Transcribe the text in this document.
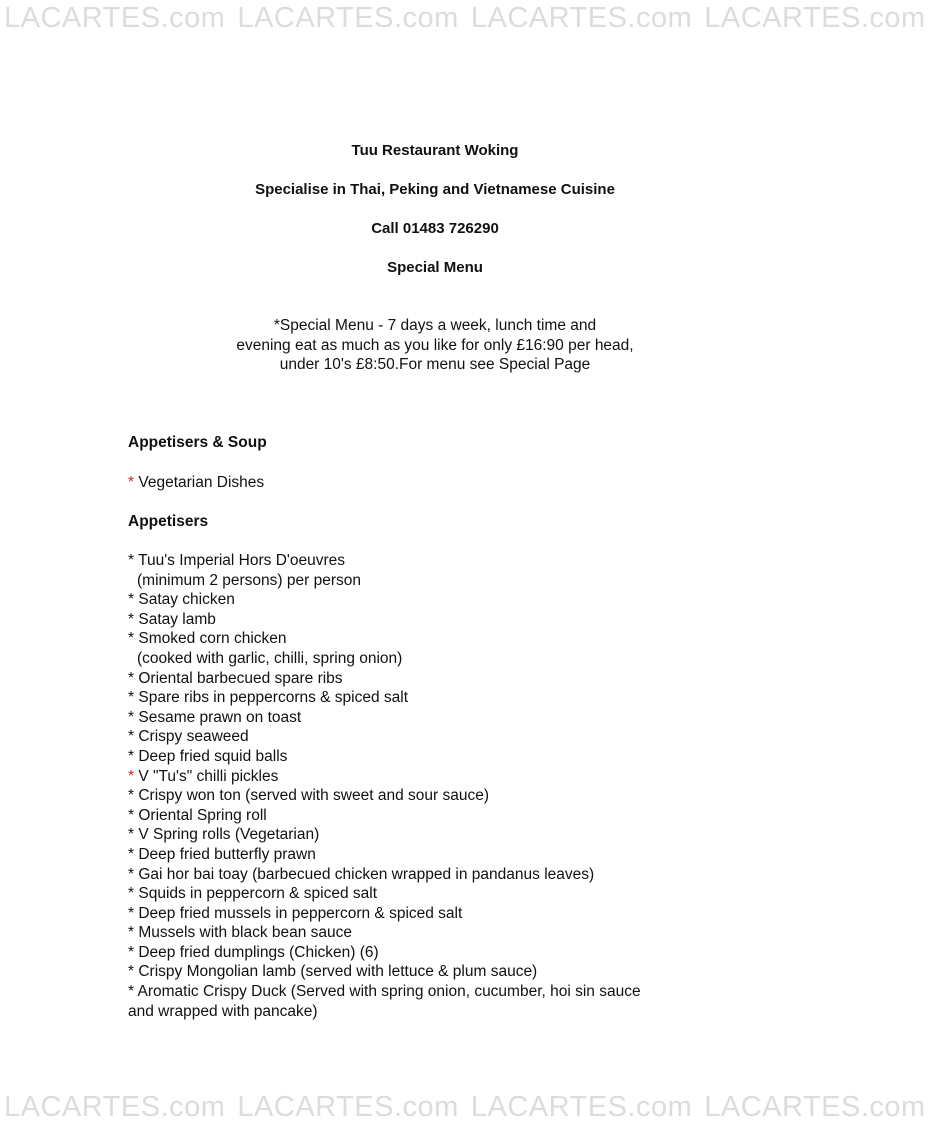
LACARTES.com LACARTES.com LACARTES.com LACARTES.com
Tuu Restaurant Woking
Specialise in Thai, Peking and Vietnamese Cuisine
Call 01483 726290
Special Menu
*Special Menu - 7 days a week, lunch time and
evening eat as much as you like for only £16:90 per head,
under 10's £8:50.For menu see Special Page
Appetisers & Soup
* Vegetarian Dishes
Appetisers
* Tuu's Imperial Hors D'oeuvres
(minimum 2 persons) per person
* Satay chicken
* Satay lamb
* Smoked corn chicken
(cooked with garlic, chilli, spring onion)
* Oriental barbecued spare ribs
* Spare ribs in peppercorns & spiced salt
* Sesame prawn on toast
* Crispy seaweed
* Deep fried squid balls
* V "Tu's" chilli pickles
* Crispy won ton (served with sweet and sour sauce)
* Oriental Spring roll
* V Spring rolls (Vegetarian)
* Deep fried butterfly prawn
* Gai hor bai toay (barbecued chicken wrapped in pandanus leaves)
* Squids in peppercorn & spiced salt
* Deep fried mussels in peppercorn & spiced salt
* Mussels with black bean sauce
* Deep fried dumplings (Chicken) (6)
* Crispy Mongolian lamb (served with lettuce & plum sauce)
* Aromatic Crispy Duck (Served with spring onion, cucumber, hoi sin sauce
and wrapped with pancake)
LACARTES.com LACARTES.com LACARTES.com LACARTES.com
